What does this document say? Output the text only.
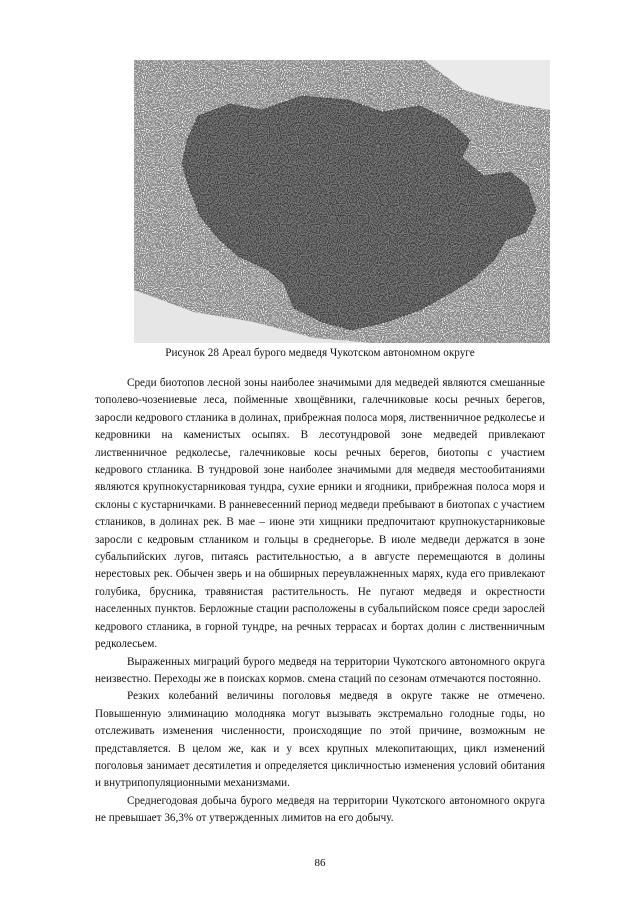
Рисунок 28 Ареал бурого медведя Чукотском автономном округе

Среди биотопов лесной зоны наиболее значимыми для медведей являются смешанные тополево-чозениевые леса, пойменные хвощёвники, галечниковые косы речных берегов, заросли кедрового стланика в долинах, прибрежная полоса моря, лиственничное редколесье и кедровники на каменистых осыпях. В лесотундровой зоне медведей привлекают лиственничное редколесье, галечниковые косы речных берегов, биотопы с участием кедрового стланика. В тундровой зоне наиболее значимыми для медведя местообитаниями являются крупнокустарниковая тундра, сухие ерники и ягодники, прибрежная полоса моря и склоны с кустарничками. В ранневесенний период медведи пребывают в биотопах с участием стлаников, в долинах рек. В мае – июне эти хищники предпочитают крупнокустарниковые заросли с кедровым стлаником и гольцы в среднегорье. В июле медведи держатся в зоне субальпийских лугов, питаясь растительностью, а в августе перемещаются в долины нерестовых рек. Обычен зверь и на обширных переувлажненных марях, куда его привлекают голубика, брусника, травянистая растительность. Не пугают медведя и окрестности населенных пунктов. Берложные стации расположены в субальпийском поясе среди зарослей кедрового стланика, в горной тундре, на речных террасах и бортах долин с лиственничным редколесьем.

Выраженных миграций бурого медведя на территории Чукотского автономного округа неизвестно. Переходы же в поисках кормов. смена стаций по сезонам отмечаются постоянно.

Резких колебаний величины поголовья медведя в округе также не отмечено. Повышенную элиминацию молодняка могут вызывать экстремально голодные годы, но отслеживать изменения численности, происходящие по этой причине, возможным не представляется. В целом же, как и у всех крупных млекопитающих, цикл изменений поголовья занимает десятилетия и определяется цикличностью изменения условий обитания и внутрипопуляционными механизмами.

Среднегодовая добыча бурого медведя на территории Чукотского автономного округа не превышает 36,3% от утвержденных лимитов на его добычу.

86
